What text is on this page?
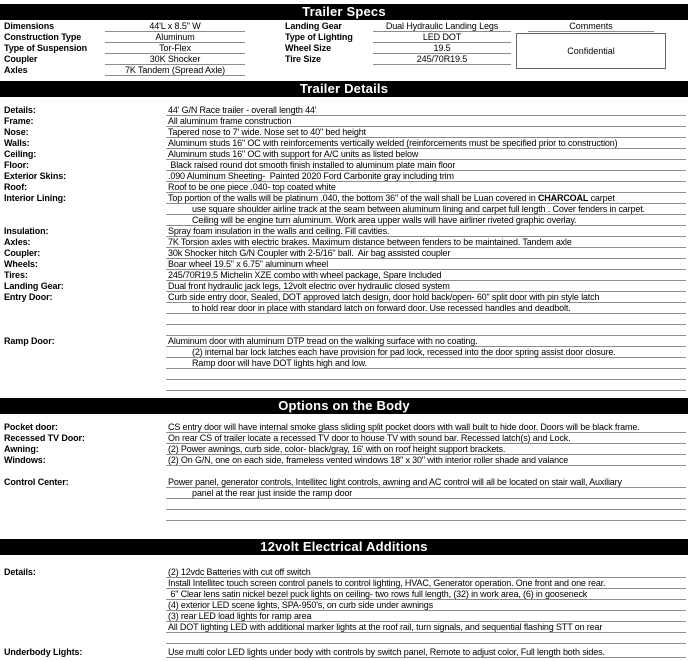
Trailer Specs
Dimensions	44'L x 8.5" W
Construction Type	Aluminum
Type of Suspension	Tor-Flex
Coupler	30K Shocker
Axles	7K Tandem (Spread Axle)
Landing Gear	Dual Hydraulic Landing Legs
Type of Lighting	LED DOT
Wheel Size	19.5
Tire Size	245/70R19.5
Comments
Confidential
Trailer Details
Details:	44' G/N Race trailer - overall length 44'
Frame:	All aluminum frame construction
Nose:	Tapered nose to 7' wide. Nose set to 40" bed height
Walls:	Aluminum studs 16" OC with reinforcements vertically welded (reinforcements must be specified prior to construction)
Ceiling:	Aluminum studs 16" OC with support for A/C units as listed below
Floor:	Black raised round dot smooth finish installed to aluminum plate main floor
Exterior Skins:	.090 Aluminum Sheeting-  Painted 2020 Ford Carbonite gray including trim
Roof:	Roof to be one piece .040- top coated white
Interior Lining:	Top portion of the walls will be platinum .040, the bottom 36" of the wall shall be Luan covered in CHARCOAL carpet
use square shoulder airline track at the seam between aluminum lining and carpet full length . Cover fenders in carpet.
Ceiling will be engine turn aluminum. Work area upper walls will have airliner riveted graphic overlay.
Insulation:	Spray foam insulation in the walls and ceiling. Fill cavities.
Axles:	7K Torsion axles with electric brakes. Maximum distance between fenders to be maintained. Tandem axle
Coupler:	30k Shocker hitch G/N Coupler with 2-5/16" ball.  Air bag assisted coupler
Wheels:	Boar wheel 19.5" x 6.75" aluminum wheel
Tires:	245/70R19.5 Michelin XZE combo with wheel package, Spare Included
Landing Gear:	Dual front hydraulic jack legs, 12volt electric over hydraulic closed system
Entry Door:	Curb side entry door, Sealed, DOT approved latch design, door hold back/open- 60" split door with pin style latch
to hold rear door in place with standard latch on forward door. Use recessed handles and deadbolt.
Ramp Door:	Aluminum door with aluminum DTP tread on the walking surface with no coating.
(2) internal bar lock latches each have provision for pad lock, recessed into the door spring assist door closure.
Ramp door will have DOT lights high and low.
Options on the Body
Pocket door:	CS entry door will have internal smoke glass sliding split pocket doors with wall built to hide door. Doors will be black frame.
Recessed TV Door:	On rear CS of trailer locate a recessed TV door to house TV with sound bar. Recessed latch(s) and Lock.
Awning:	(2) Power awnings, curb side, color- black/gray, 16' with on roof height support brackets.
Windows:	(2) On G/N, one on each side, frameless vented windows 18" x 30" with interior roller shade and valance
Control Center:	Power panel, generator controls, Intellitec light controls, awning and AC control will all be located on stair wall, Auxiliary
panel at the rear just inside the ramp door
12volt Electrical Additions
Details:	(2) 12vdc Batteries with cut off switch
Install Intellitec touch screen control panels to control lighting, HVAC, Generator operation. One front and one rear.
6" Clear lens satin nickel bezel puck lights on ceiling- two rows full length, (32) in work area, (6) in gooseneck
(4) exterior LED scene lights, SPA-950's, on curb side under awnings
(3) rear LED load lights for ramp area
All DOT lighting LED with additional marker lights at the roof rail, turn signals, and sequential flashing STT on rear
Underbody Lights:	Use multi color LED lights under body with controls by switch panel, Remote to adjust color, Full length both sides.
